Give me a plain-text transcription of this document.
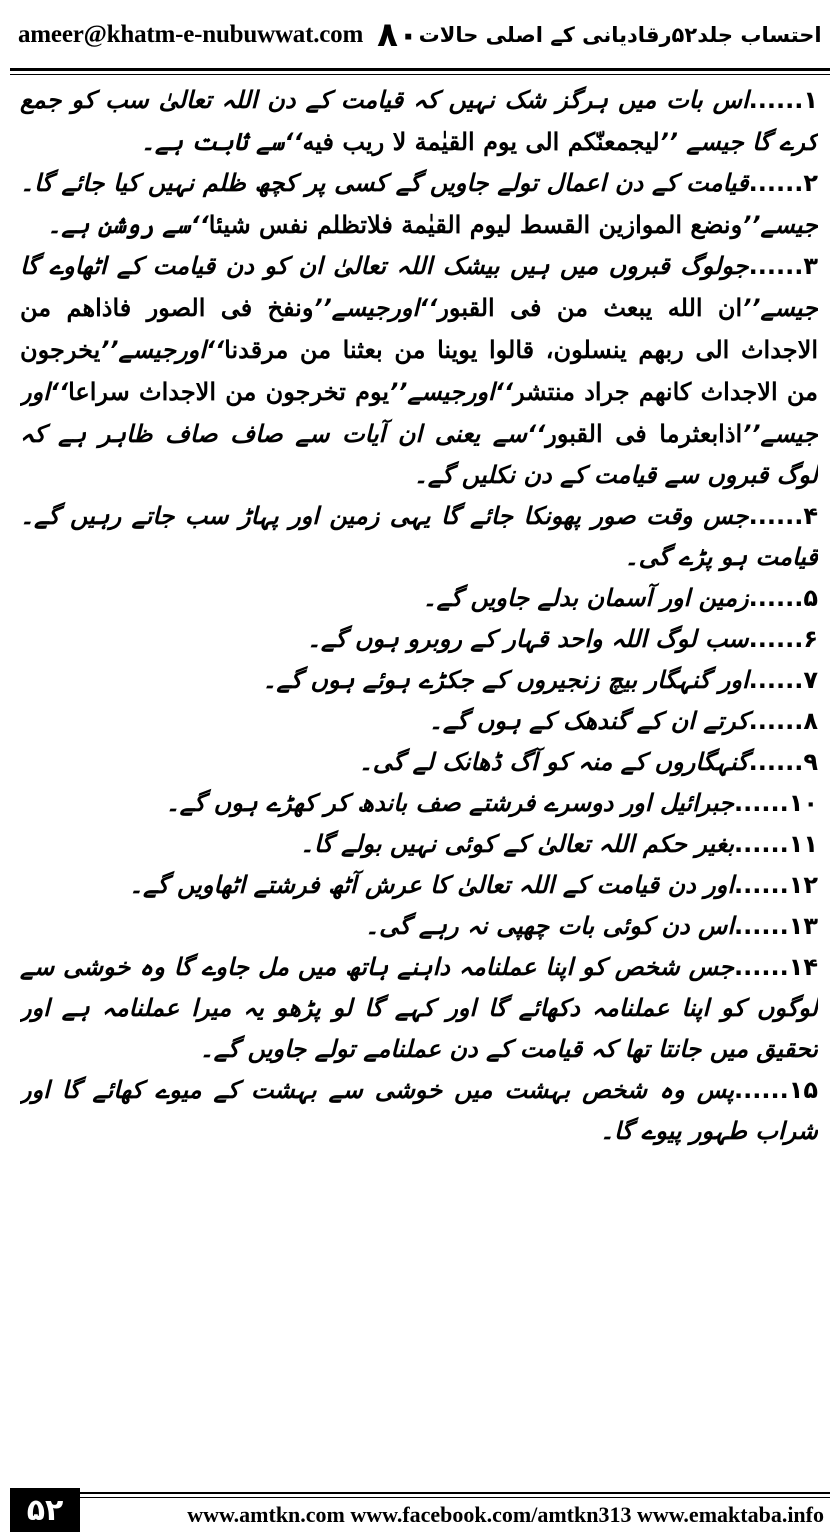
ameer@khatm-e-nubuwwat.com ۸۰ احتساب جلد۵۲رقادیانی کے اصلی حالات

۱......اس بات میں ہرگز شک نہیں کہ قیامت کے دن اللہ تعالیٰ سب کو جمع کرے گا جیسے ’’ليجمعنّكم الى يوم القيٰمة لا ريب فيه‘‘سے ثابت ہے۔

۲......قیامت کے دن اعمال تولے جاویں گے کسی پر کچھ ظلم نہیں کیا جائے گا۔جیسے’’ونضع الموازين القسط ليوم القيٰمة فلاتظلم نفس شيئا‘‘سے روشن ہے۔

۳......جولوگ قبروں میں ہیں بیشک اللہ تعالیٰ ان کو دن قیامت کے اٹھاوے گا جیسے’’ان الله يبعث من فى القبور‘‘اورجیسے’’ونفخ فى الصور فاذاهم من الاجداث الى ربهم ينسلون، قالوا يوينا من بعثنا من مرقدنا‘‘اورجیسے’’يخرجون من الاجداث كانهم جراد منتشر‘‘اورجیسے’’يوم تخرجون من الاجداث سراعا‘‘اور جیسے’’اذابعثرما فى القبور‘‘سے یعنی ان آیات سے صاف صاف ظاہر ہے کہ لوگ قبروں سے قیامت کے دن نکلیں گے۔

۴......جس وقت صور پھونکا جائے گا یہی زمین اور پہاڑ سب جاتے رہیں گے۔قیامت ہو پڑے گی۔

۵......زمین اور آسمان بدلے جاویں گے۔

۶......سب لوگ اللہ واحد قہار کے روبرو ہوں گے۔

۷......اور گنہگار بیچ زنجیروں کے جکڑے ہوئے ہوں گے۔

۸......کرتے ان کے گندھک کے ہوں گے۔

۹......گنہگاروں کے منہ کو آگ ڈھانک لے گی۔

۱۰......جبرائیل اور دوسرے فرشتے صف باندھ کر کھڑے ہوں گے۔

۱۱......بغیر حکم اللہ تعالیٰ کے کوئی نہیں بولے گا۔

۱۲......اور دن قیامت کے اللہ تعالیٰ کا عرش آٹھ فرشتے اٹھاویں گے۔

۱۳......اس دن کوئی بات چھپی نہ رہے گی۔

۱۴......جس شخص کو اپنا عملنامہ داہنے ہاتھ میں مل جاوے گا وہ خوشی سے لوگوں کو اپنا عملنامہ دکھائے گا اور کہے گا لو پڑھو یہ میرا عملنامہ ہے اور تحقیق میں جانتا تھا کہ قیامت کے دن عملنامے تولے جاویں گے۔

۱۵......پس وہ شخص بہشت میں خوشی سے بہشت کے میوے کھائے گا اور شراب طہور پیوے گا۔

۵۲	www.amtkn.com www.facebook.com/amtkn313 www.emaktaba.info
